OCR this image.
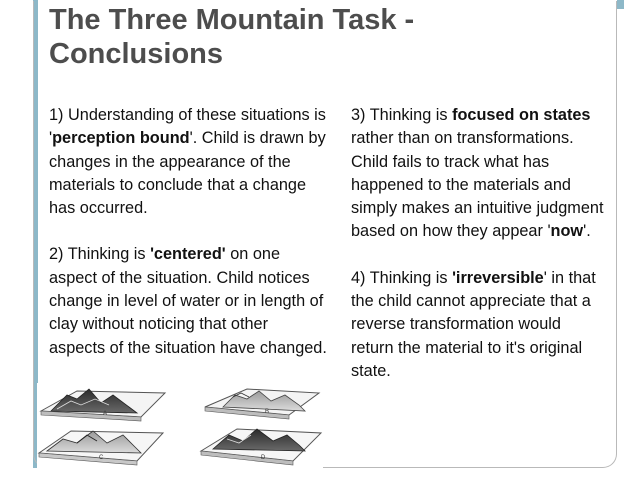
The Three Mountain Task -
Conclusions

1) Understanding of these situations is 'perception bound'. Child is drawn by changes in the appearance of the materials to conclude that a change has occurred.

2) Thinking is 'centered' on one aspect of the situation. Child notices change in level of water or in length of clay without noticing that other aspects of the situation have changed.

3) Thinking is focused on states rather than on transformations. Child fails to track what has happened to the materials and simply makes an intuitive judgment based on how they appear 'now'.

4) Thinking is 'irreversible' in that the child cannot appreciate that a reverse transformation would return the material to it's original state.

A	B
C	D
